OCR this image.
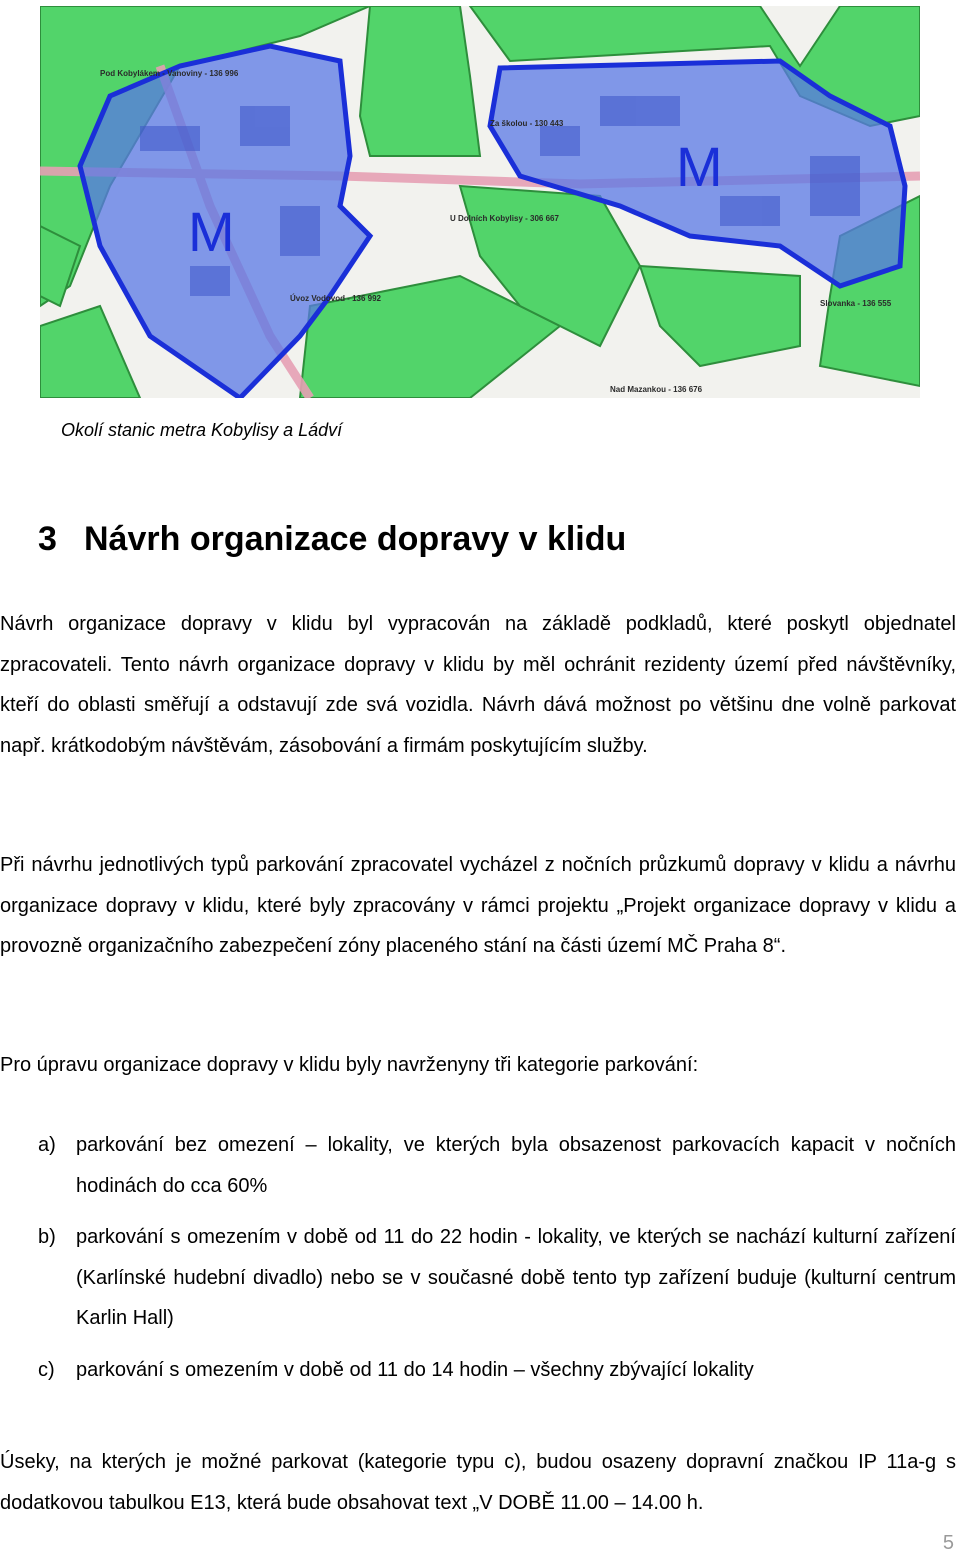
Pod Kobylákem - Vanoviny - 136 996
Za školou - 130 443
U Dolních Kobylisy - 306 667
Úvoz Vodovod - 136 992
Slovanka - 136 555
Nad Mazankou - 136 676
M
M
Okolí stanic metra Kobylisy a Ládví
3 Návrh organizace dopravy v klidu
Návrh organizace dopravy v klidu byl vypracován na základě podkladů, které poskytl objednatel zpracovateli. Tento návrh organizace dopravy v klidu by měl ochránit rezidenty území před návštěvníky, kteří do oblasti směřují a odstavují zde svá vozidla. Návrh dává možnost po většinu dne volně parkovat např. krátkodobým návštěvám, zásobování a firmám poskytujícím služby.
Při návrhu jednotlivých typů parkování zpracovatel vycházel z nočních průzkumů dopravy v klidu a návrhu organizace dopravy v klidu, které byly zpracovány v rámci projektu „Projekt organizace dopravy v klidu a provozně organizačního zabezpečení zóny placeného stání na části území MČ Praha 8“.
Pro úpravu organizace dopravy v klidu byly navrženyny tři kategorie parkování:
a) parkování bez omezení – lokality, ve kterých byla obsazenost parkovacích kapacit v nočních hodinách do cca 60%
b) parkování s omezením v době od 11 do 22 hodin - lokality, ve kterých se nachází kulturní zařízení (Karlínské hudební divadlo) nebo se v současné době tento typ zařízení buduje (kulturní centrum Karlin Hall)
c) parkování s omezením v době od 11 do 14 hodin – všechny zbývající lokality
Úseky, na kterých je možné parkovat (kategorie typu c), budou osazeny dopravní značkou IP 11a-g s dodatkovou tabulkou E13, která bude obsahovat text „V DOBĚ 11.00 – 14.00 h.
5
